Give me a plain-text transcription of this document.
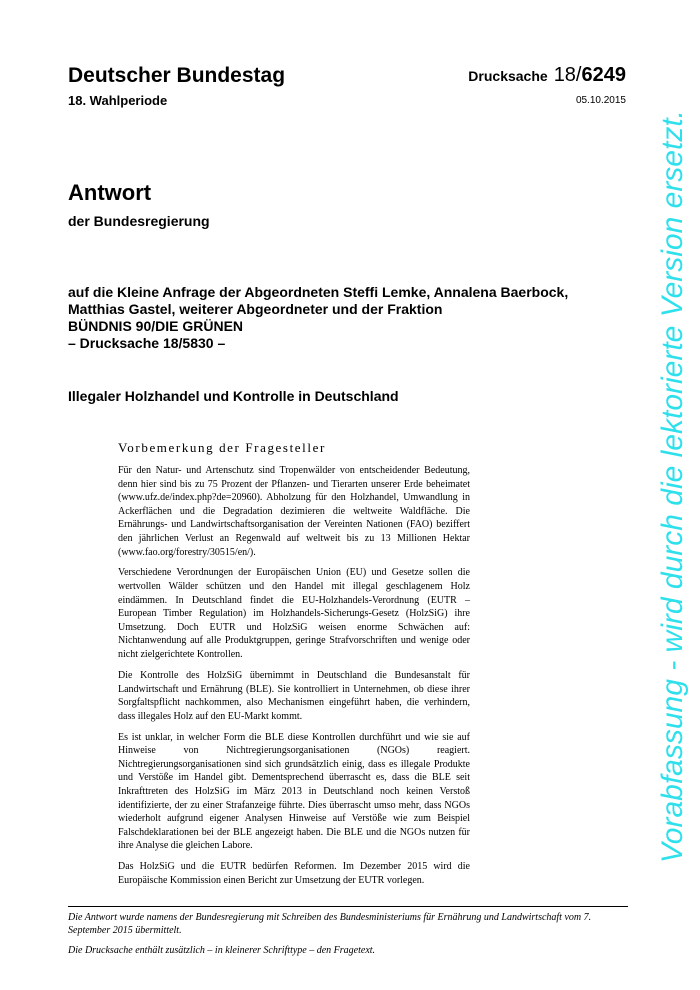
Deutscher Bundestag	Drucksache 18/6249
18. Wahlperiode	05.10.2015
Antwort
der Bundesregierung
auf die Kleine Anfrage der Abgeordneten Steffi Lemke, Annalena Baerbock,
Matthias Gastel, weiterer Abgeordneter und der Fraktion
BÜNDNIS 90/DIE GRÜNEN
– Drucksache 18/5830 –
Illegaler Holzhandel und Kontrolle in Deutschland
Vorbemerkung der Fragesteller

Für den Natur- und Artenschutz sind Tropenwälder von entscheidender Bedeutung, denn hier sind bis zu 75 Prozent der Pflanzen- und Tierarten unserer Erde beheimatet (www.ufz.de/index.php?de=20960). Abholzung für den Holzhandel, Umwandlung in Ackerflächen und die Degradation dezimieren die weltweite Waldfläche. Die Ernährungs- und Landwirtschaftsorganisation der Vereinten Nationen (FAO) beziffert den jährlichen Verlust an Regenwald auf weltweit bis zu 13 Millionen Hektar (www.fao.org/forestry/30515/en/).

Verschiedene Verordnungen der Europäischen Union (EU) und Gesetze sollen die wertvollen Wälder schützen und den Handel mit illegal geschlagenem Holz eindämmen. In Deutschland findet die EU-Holzhandels-Verordnung (EUTR – European Timber Regulation) im Holzhandels-Sicherungs-Gesetz (HolzSiG) ihre Umsetzung. Doch EUTR und HolzSiG weisen enorme Schwächen auf: Nichtanwendung auf alle Produktgruppen, geringe Strafvorschriften und wenige oder nicht zielgerichtete Kontrollen.

Die Kontrolle des HolzSiG übernimmt in Deutschland die Bundesanstalt für Landwirtschaft und Ernährung (BLE). Sie kontrolliert in Unternehmen, ob diese ihrer Sorgfaltspflicht nachkommen, also Mechanismen eingeführt haben, die verhindern, dass illegales Holz auf den EU-Markt kommt.

Es ist unklar, in welcher Form die BLE diese Kontrollen durchführt und wie sie auf Hinweise von Nichtregierungsorganisationen (NGOs) reagiert. Nichtregierungsorganisationen sind sich grundsätzlich einig, dass es illegale Produkte und Verstöße im Handel gibt. Dementsprechend überrascht es, dass die BLE seit Inkrafttreten des HolzSiG im März 2013 in Deutschland noch keinen Verstoß identifizierte, der zu einer Strafanzeige führte. Dies überrascht umso mehr, dass NGOs wiederholt aufgrund eigener Analysen Hinweise auf Verstöße wie zum Beispiel Falschdeklarationen bei der BLE angezeigt haben. Die BLE und die NGOs nutzen für ihre Analyse die gleichen Labore.

Das HolzSiG und die EUTR bedürfen Reformen. Im Dezember 2015 wird die Europäische Kommission einen Bericht zur Umsetzung der EUTR vorlegen.

Die Antwort wurde namens der Bundesregierung mit Schreiben des Bundesministeriums für Ernährung und Landwirtschaft vom 7. September 2015 übermittelt.
Die Drucksache enthält zusätzlich – in kleinerer Schrifttype – den Fragetext.
Vorabfassung - wird durch die lektorierte Version ersetzt.
